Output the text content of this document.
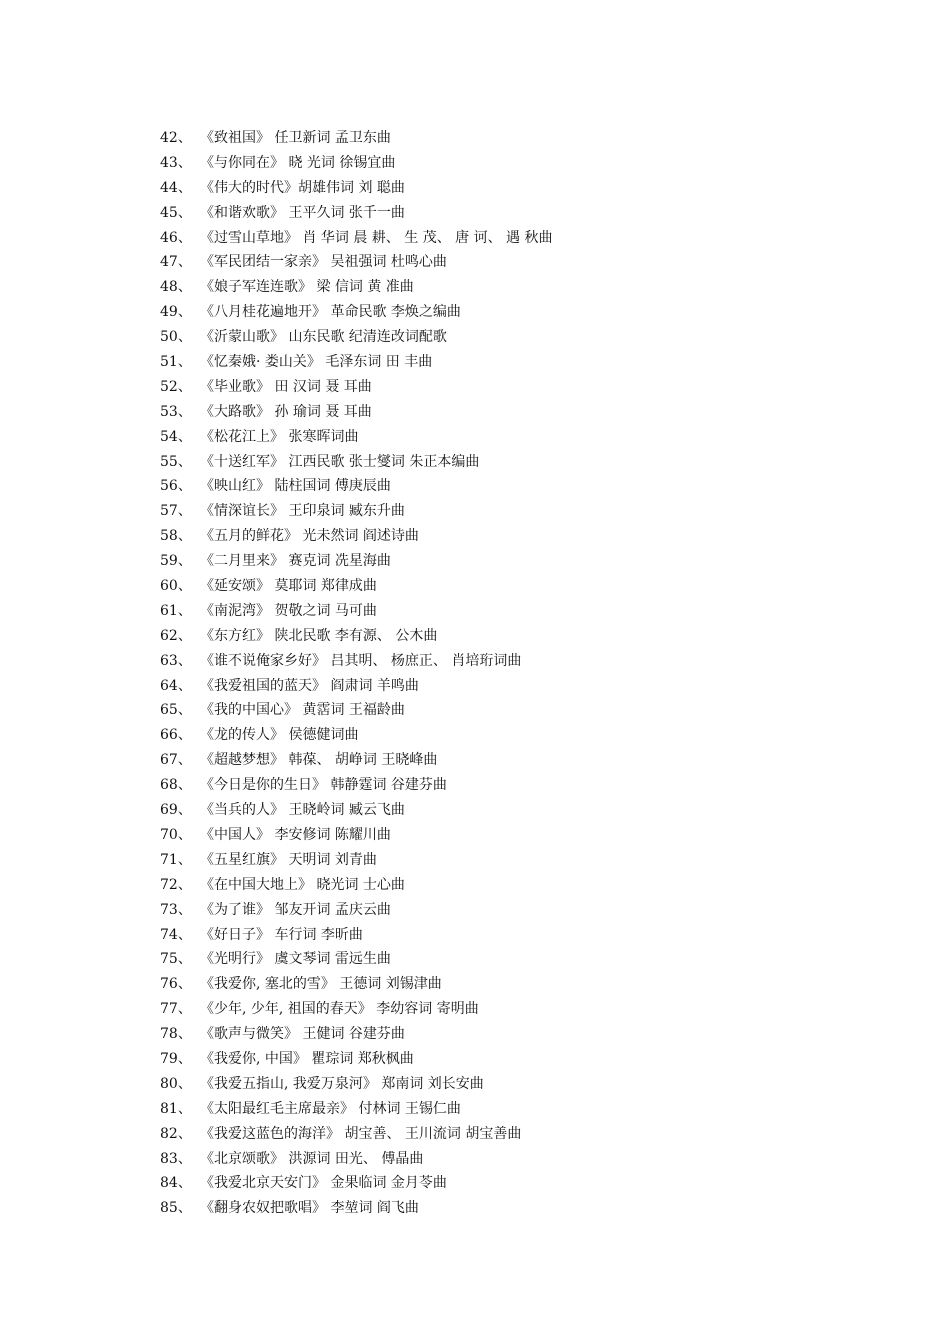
42、 《致祖国》 任卫新词 孟卫东曲
43、 《与你同在》 晓 光词 徐锡宜曲
44、 《伟大的时代》胡雄伟词 刘 聪曲
45、 《和谐欢歌》 王平久词 张千一曲
46、 《过雪山草地》 肖 华词 晨 耕、 生 茂、 唐 诃、 遇 秋曲
47、 《军民团结一家亲》 吴祖强词 杜鸣心曲
48、 《娘子军连连歌》 梁 信词 黄 准曲
49、 《八月桂花遍地开》 革命民歌 李焕之编曲
50、 《沂蒙山歌》 山东民歌 纪清连改词配歌
51、 《忆秦娥· 娄山关》 毛泽东词 田 丰曲
52、 《毕业歌》 田 汉词 聂 耳曲
53、 《大路歌》 孙 瑜词 聂 耳曲
54、 《松花江上》 张寒晖词曲
55、 《十送红军》 江西民歌 张士燮词 朱正本编曲
56、 《映山红》 陆柱国词 傅庚辰曲
57、 《情深谊长》 王印泉词 臧东升曲
58、 《五月的鲜花》 光未然词 阎述诗曲
59、 《二月里来》 赛克词 冼星海曲
60、 《延安颂》 莫耶词 郑律成曲
61、 《南泥湾》 贺敬之词 马可曲
62、 《东方红》 陕北民歌 李有源、 公木曲
63、 《谁不说俺家乡好》 吕其明、 杨庶正、 肖培珩词曲
64、 《我爱祖国的蓝天》 阎肃词 羊鸣曲
65、 《我的中国心》 黄霑词 王福龄曲
66、 《龙的传人》 侯德健词曲
67、 《超越梦想》 韩葆、 胡峥词 王晓峰曲
68、 《今日是你的生日》 韩静霆词 谷建芬曲
69、 《当兵的人》 王晓岭词 臧云飞曲
70、 《中国人》 李安修词 陈耀川曲
71、 《五星红旗》 天明词 刘青曲
72、 《在中国大地上》 晓光词 士心曲
73、 《为了谁》 邹友开词 孟庆云曲
74、 《好日子》 车行词 李昕曲
75、 《光明行》 虞文琴词 雷远生曲
76、 《我爱你, 塞北的雪》 王德词 刘锡津曲
77、 《少年, 少年, 祖国的春天》 李幼容词 寄明曲
78、 《歌声与微笑》 王健词 谷建芬曲
79、 《我爱你, 中国》 瞿琮词 郑秋枫曲
80、 《我爱五指山, 我爱万泉河》 郑南词 刘长安曲
81、 《太阳最红毛主席最亲》 付林词 王锡仁曲
82、 《我爱这蓝色的海洋》 胡宝善、 王川流词 胡宝善曲
83、 《北京颂歌》 洪源词 田光、 傅晶曲
84、 《我爱北京天安门》 金果临词 金月苓曲
85、 《翻身农奴把歌唱》 李堃词 阎飞曲
